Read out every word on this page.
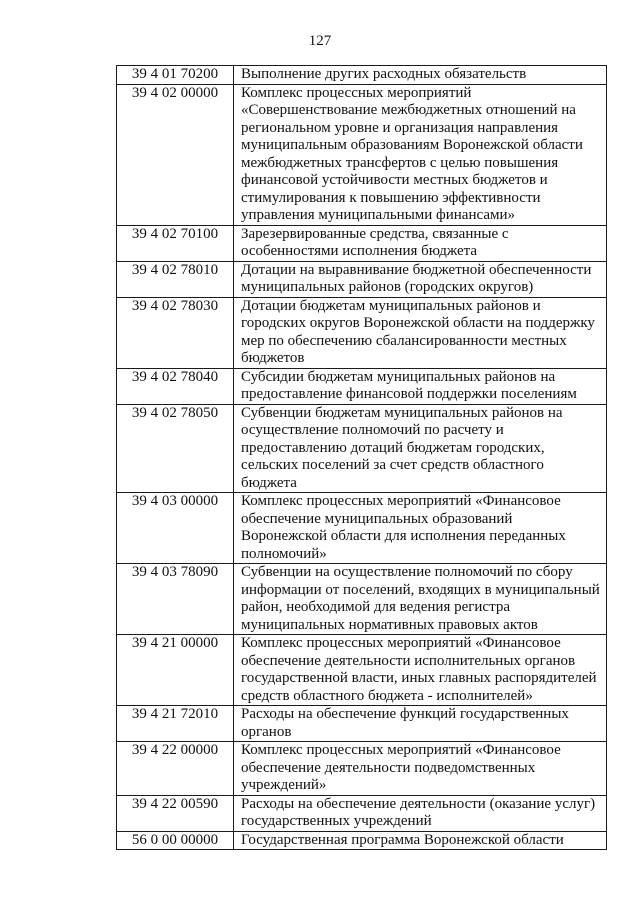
127
39 4 01 70200	Выполнение других расходных обязательств
39 4 02 00000	Комплекс процессных мероприятий «Совершенствование межбюджетных отношений на региональном уровне и организация направления муниципальным образованиям Воронежской области межбюджетных трансфертов с целью повышения финансовой устойчивости местных бюджетов и стимулирования к повышению эффективности управления муниципальными финансами»
39 4 02 70100	Зарезервированные средства, связанные с особенностями исполнения бюджета
39 4 02 78010	Дотации на выравнивание бюджетной обеспеченности муниципальных районов (городских округов)
39 4 02 78030	Дотации бюджетам муниципальных районов и городских округов Воронежской области на поддержку мер по обеспечению сбалансированности местных бюджетов
39 4 02 78040	Субсидии бюджетам муниципальных районов на предоставление финансовой поддержки поселениям
39 4 02 78050	Субвенции бюджетам муниципальных районов на осуществление полномочий по расчету и предоставлению дотаций бюджетам городских, сельских поселений за счет средств областного бюджета
39 4 03 00000	Комплекс процессных мероприятий «Финансовое обеспечение муниципальных образований Воронежской области для исполнения переданных полномочий»
39 4 03 78090	Субвенции на осуществление полномочий по сбору информации от поселений, входящих в муниципальный район, необходимой для ведения регистра муниципальных нормативных правовых актов
39 4 21 00000	Комплекс процессных мероприятий «Финансовое обеспечение деятельности исполнительных органов государственной власти, иных главных распорядителей средств областного бюджета - исполнителей»
39 4 21 72010	Расходы на обеспечение функций государственных органов
39 4 22 00000	Комплекс процессных мероприятий «Финансовое обеспечение деятельности подведомственных учреждений»
39 4 22 00590	Расходы на обеспечение деятельности (оказание услуг) государственных учреждений
56 0 00 00000	Государственная программа Воронежской области
